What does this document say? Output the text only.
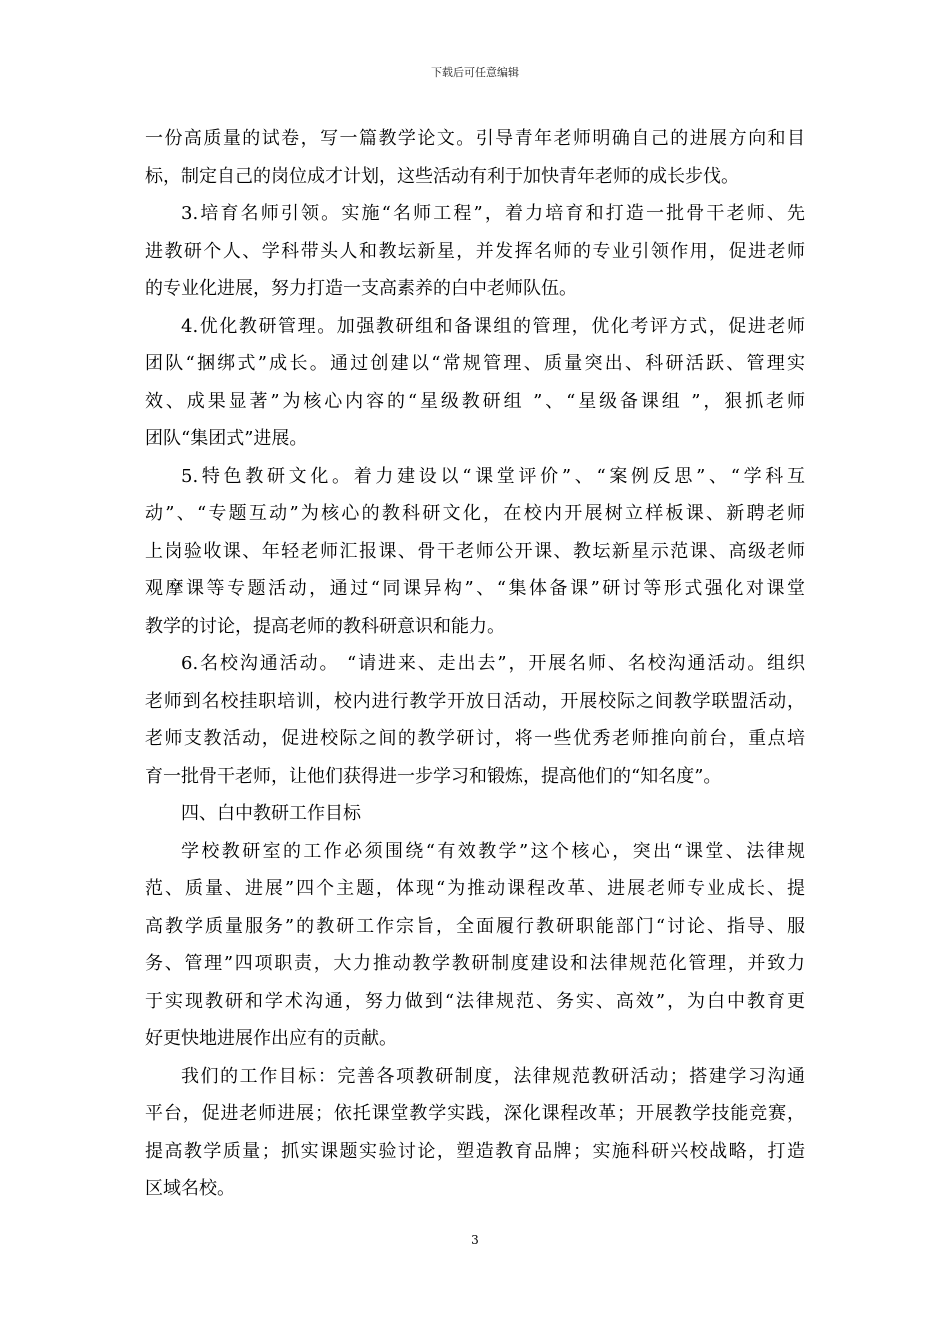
下载后可任意编辑
一份高质量的试卷，写一篇教学论文。引导青年老师明确自己的进展方向和目
标，制定自己的岗位成才计划，这些活动有利于加快青年老师的成长步伐。
3.培育名师引领。实施“名师工程”，着力培育和打造一批骨干老师、先
进教研个人、学科带头人和教坛新星，并发挥名师的专业引领作用，促进老师
的专业化进展，努力打造一支高素养的白中老师队伍。
4.优化教研管理。加强教研组和备课组的管理，优化考评方式，促进老师
团队“捆绑式”成长。通过创建以“常规管理、质量突出、科研活跃、管理实
效、成果显著”为核心内容的“星级教研组 ”、“星级备课组 ”，狠抓老师
团队“集团式”进展。
5.特色教研文化。着力建设以“课堂评价”、“案例反思”、“学科互
动”、“专题互动”为核心的教科研文化，在校内开展树立样板课、新聘老师
上岗验收课、年轻老师汇报课、骨干老师公开课、教坛新星示范课、高级老师
观摩课等专题活动，通过“同课异构”、“集体备课”研讨等形式强化对课堂
教学的讨论，提高老师的教科研意识和能力。
6.名校沟通活动。 “请进来、走出去”，开展名师、名校沟通活动。组织
老师到名校挂职培训，校内进行教学开放日活动，开展校际之间教学联盟活动，
老师支教活动，促进校际之间的教学研讨，将一些优秀老师推向前台，重点培
育一批骨干老师，让他们获得进一步学习和锻炼，提高他们的“知名度”。
四、白中教研工作目标
学校教研室的工作必须围绕“有效教学”这个核心，突出“课堂、法律规
范、质量、进展”四个主题，体现“为推动课程改革、进展老师专业成长、提
高教学质量服务”的教研工作宗旨，全面履行教研职能部门“讨论、指导、服
务、管理”四项职责，大力推动教学教研制度建设和法律规范化管理，并致力
于实现教研和学术沟通，努力做到“法律规范、务实、高效”，为白中教育更
好更快地进展作出应有的贡献。
我们的工作目标：完善各项教研制度，法律规范教研活动；搭建学习沟通
平台，促进老师进展；依托课堂教学实践，深化课程改革；开展教学技能竞赛，
提高教学质量；抓实课题实验讨论，塑造教育品牌；实施科研兴校战略，打造
区域名校。
3
